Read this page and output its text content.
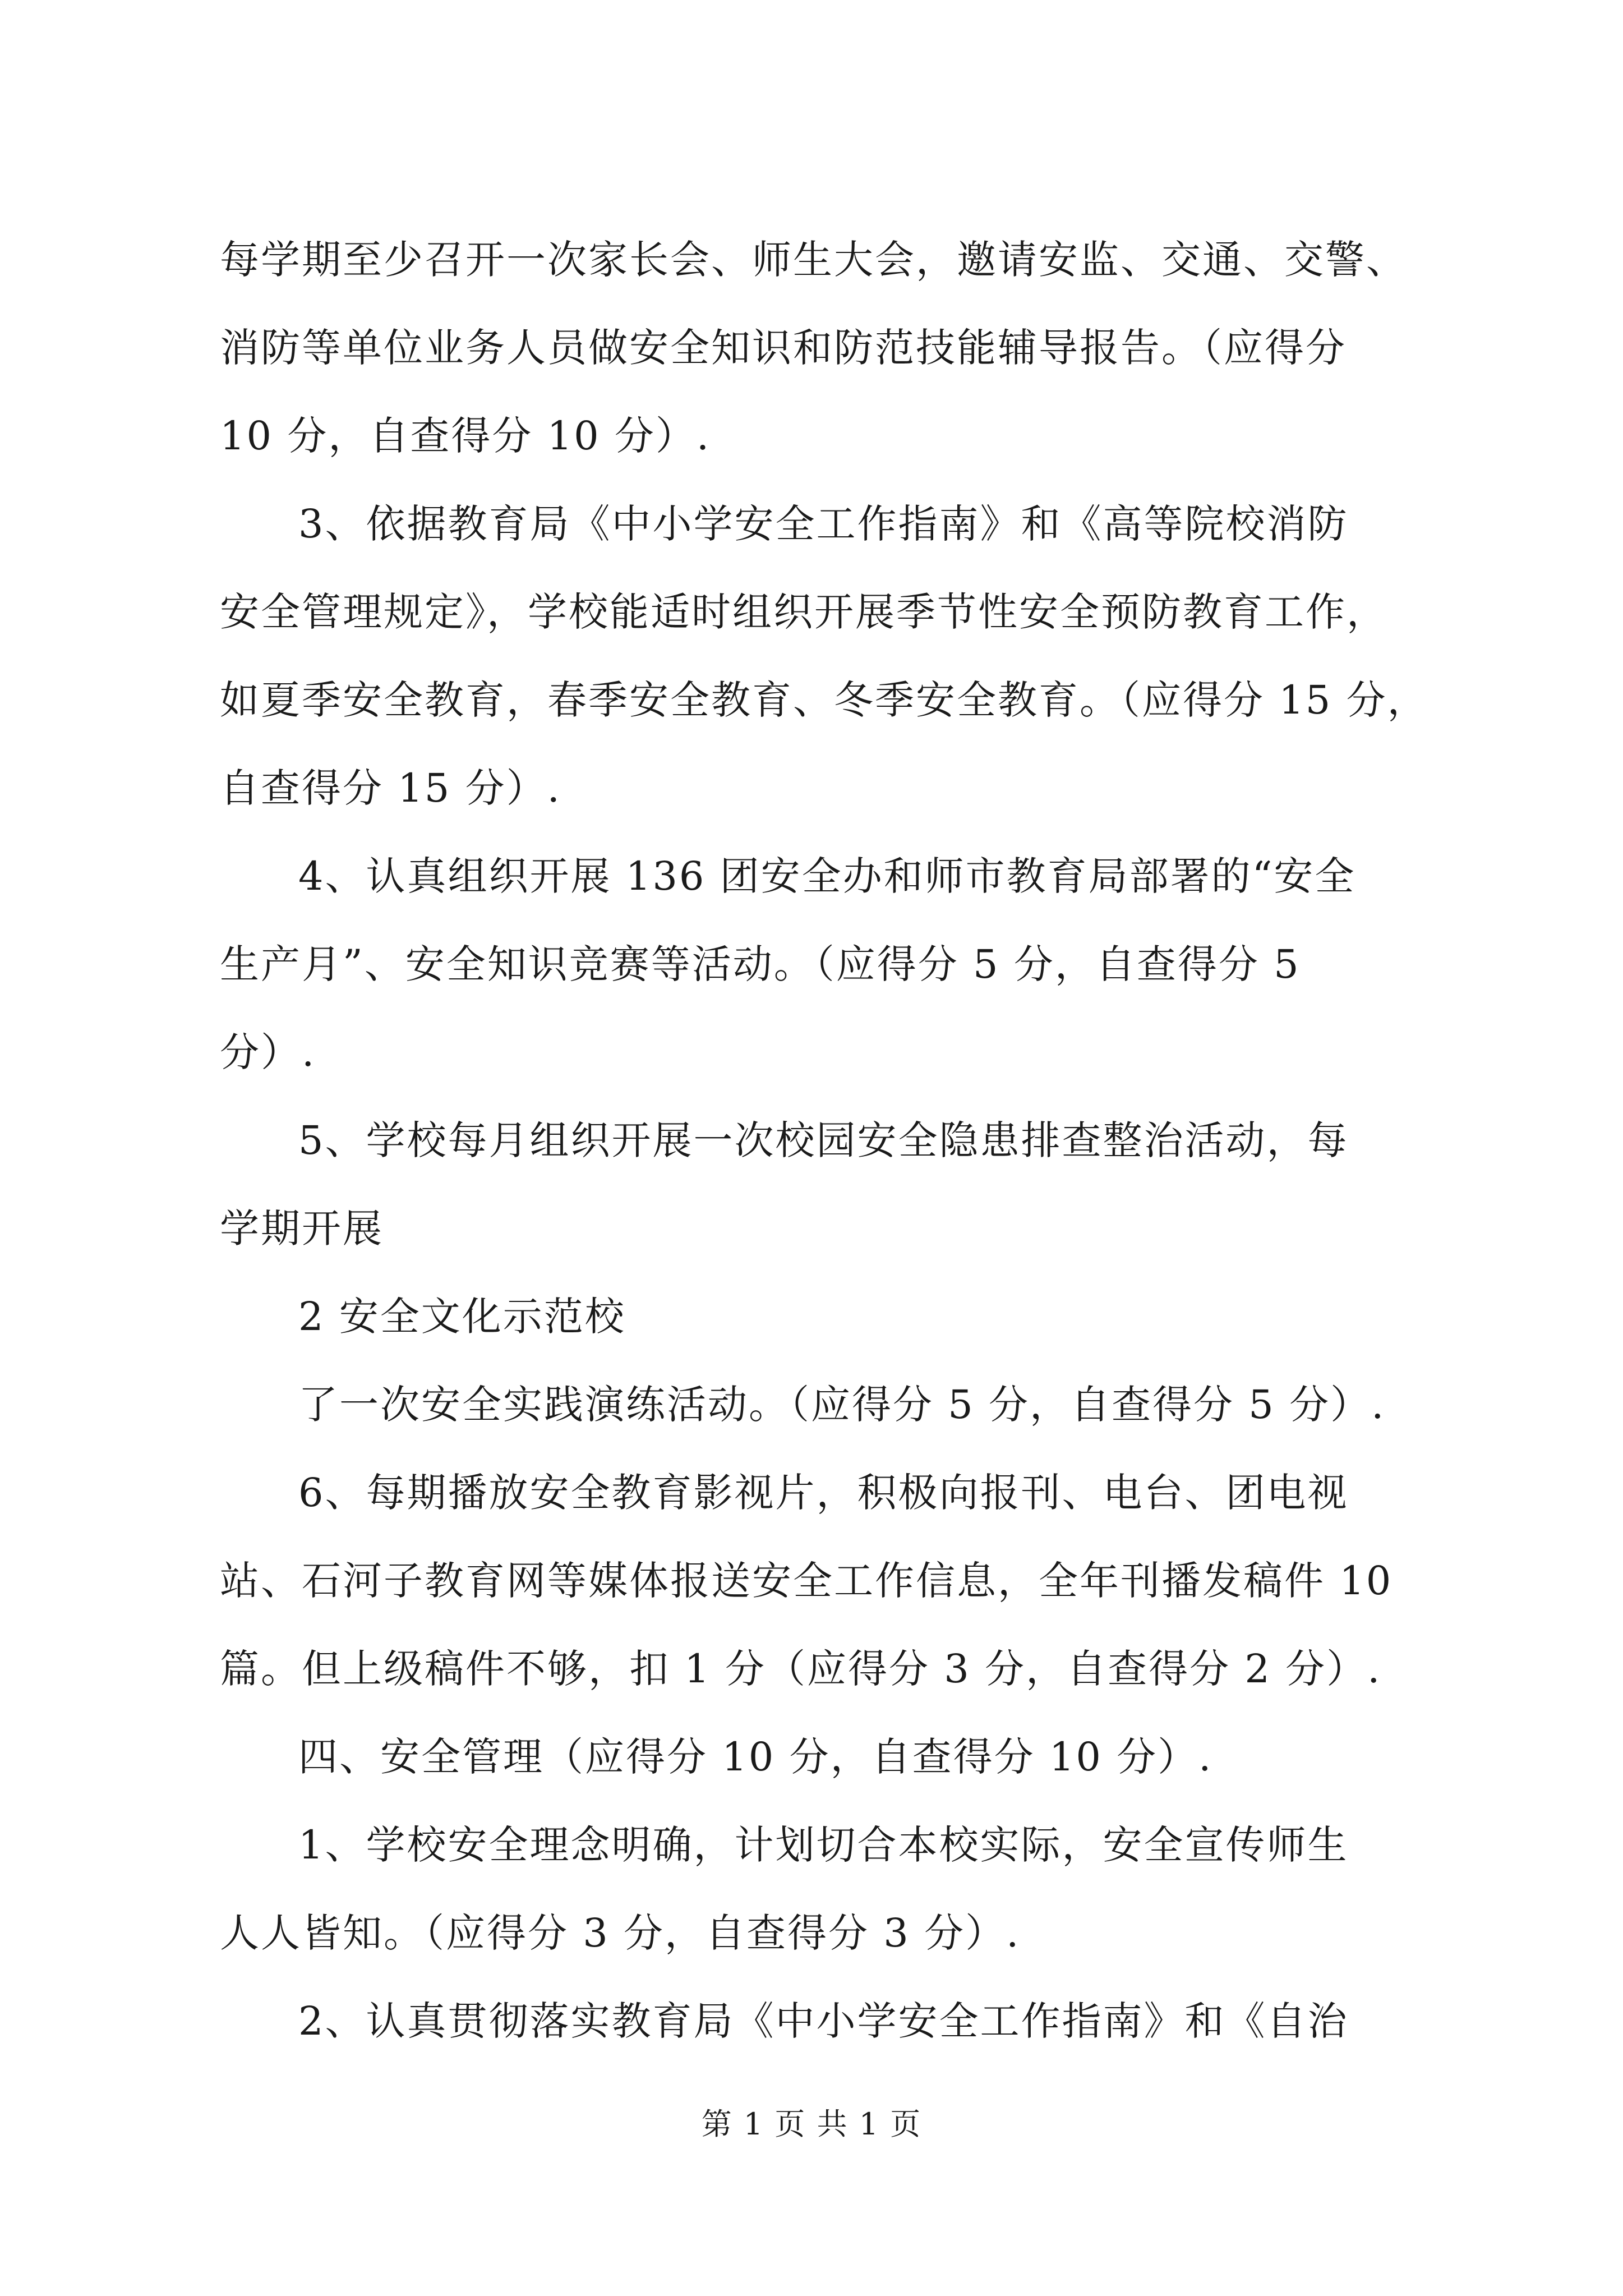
每学期至少召开一次家长会、师生大会，邀请安监、交通、交警、
消防等单位业务人员做安全知识和防范技能辅导报告。（应得分
10 分，自查得分 10 分）.
3、依据教育局《中小学安全工作指南》和《高等院校消防
安全管理规定》，学校能适时组织开展季节性安全预防教育工作，
如夏季安全教育，春季安全教育、冬季安全教育。（应得分 15 分，
自查得分 15 分）.
4、认真组织开展 136 团安全办和师市教育局部署的“安全
生产月”、安全知识竞赛等活动。（应得分 5 分，自查得分 5
分）.
5、学校每月组织开展一次校园安全隐患排查整治活动，每
学期开展
2 安全文化示范校
了一次安全实践演练活动。（应得分 5 分，自查得分 5 分）.
6、每期播放安全教育影视片，积极向报刊、电台、团电视
站、石河子教育网等媒体报送安全工作信息，全年刊播发稿件 10
篇。但上级稿件不够，扣 1 分（应得分 3 分，自查得分 2 分）.
四、安全管理（应得分 10 分，自查得分 10 分）.
1、学校安全理念明确，计划切合本校实际，安全宣传师生
人人皆知。（应得分 3 分，自查得分 3 分）.
2、认真贯彻落实教育局《中小学安全工作指南》和《自治
第 1 页 共 1 页
